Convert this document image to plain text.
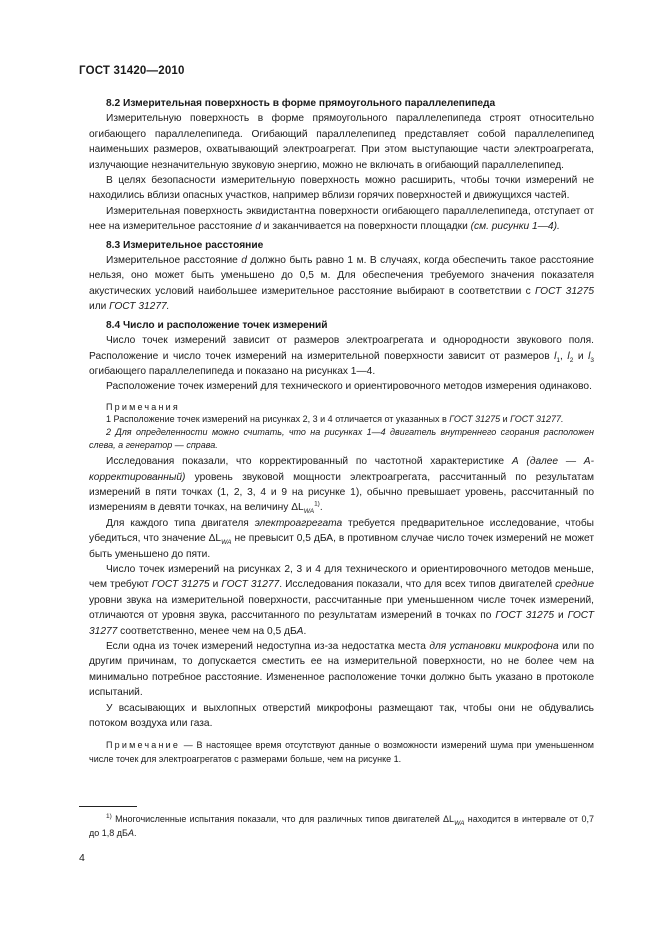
ГОСТ 31420—2010
8.2 Измерительная поверхность в форме прямоугольного параллелепипеда

Измерительную поверхность в форме прямоугольного параллелепипеда строят относительно огибающего параллелепипеда. Огибающий параллелепипед представляет собой параллелепипед наименьших размеров, охватывающий электроагрегат. При этом выступающие части электроагрегата, излучающие незначительную звуковую энергию, можно не включать в огибающий параллелепипед.

В целях безопасности измерительную поверхность можно расширить, чтобы точки измерений не находились вблизи опасных участков, например вблизи горячих поверхностей и движущихся частей.

Измерительная поверхность эквидистантна поверхности огибающего параллелепипеда, отступает от нее на измерительное расстояние d и заканчивается на поверхности площадки (см. рисунки 1—4).

8.3 Измерительное расстояние

Измерительное расстояние d должно быть равно 1 м. В случаях, когда обеспечить такое расстояние нельзя, оно может быть уменьшено до 0,5 м. Для обеспечения требуемого значения показателя акустических условий наибольшее измерительное расстояние выбирают в соответствии с ГОСТ 31275 или ГОСТ 31277.

8.4 Число и расположение точек измерений

Число точек измерений зависит от размеров электроагрегата и однородности звукового поля. Расположение и число точек измерений на измерительной поверхности зависит от размеров $l_1$, $l_2$ и $l_3$ огибающего параллелепипеда и показано на рисунках 1—4.

Расположение точек измерений для технического и ориентировочного методов измерения одинаково.

Примечания
1 Расположение точек измерений на рисунках 2, 3 и 4 отличается от указанных в ГОСТ 31275 и ГОСТ 31277.
2 Для определенности можно считать, что на рисунках 1—4 двигатель внутреннего сгорания расположен слева, а генератор — справа.

Исследования показали, что корректированный по частотной характеристике А (далее — А-корректированный) уровень звуковой мощности электроагрегата, рассчитанный по результатам измерений в пяти точках (1, 2, 3, 4 и 9 на рисунке 1), обычно превышает уровень, рассчитанный по измерениям в девяти точках, на величину $\Delta L_{WA}^{1)}$.

Для каждого типа двигателя электроагрегата требуется предварительное исследование, чтобы убедиться, что значение $\Delta L_{WA}$ не превысит 0,5 дБА, в противном случае число точек измерений не может быть уменьшено до пяти.

Число точек измерений на рисунках 2, 3 и 4 для технического и ориентировочного методов меньше, чем требуют ГОСТ 31275 и ГОСТ 31277. Исследования показали, что для всех типов двигателей средние уровни звука на измерительной поверхности, рассчитанные при уменьшенном числе точек измерений, отличаются от уровня звука, рассчитанного по результатам измерений в точках по ГОСТ 31275 и ГОСТ 31277 соответственно, менее чем на 0,5 дБА.

Если одна из точек измерений недоступна из-за недостатка места для установки микрофона или по другим причинам, то допускается сместить ее на измерительной поверхности, но не более чем на минимально потребное расстояние. Измененное расположение точки должно быть указано в протоколе испытаний.

У всасывающих и выхлопных отверстий микрофоны размещают так, чтобы они не обдувались потоком воздуха или газа.

Примечание — В настоящее время отсутствуют данные о возможности измерений шума при уменьшенном числе точек для электроагрегатов с размерами больше, чем на рисунке 1.
$^{1)}$ Многочисленные испытания показали, что для различных типов двигателей $\Delta L_{WA}$ находится в интервале от 0,7 до 1,8 дБА.
4
